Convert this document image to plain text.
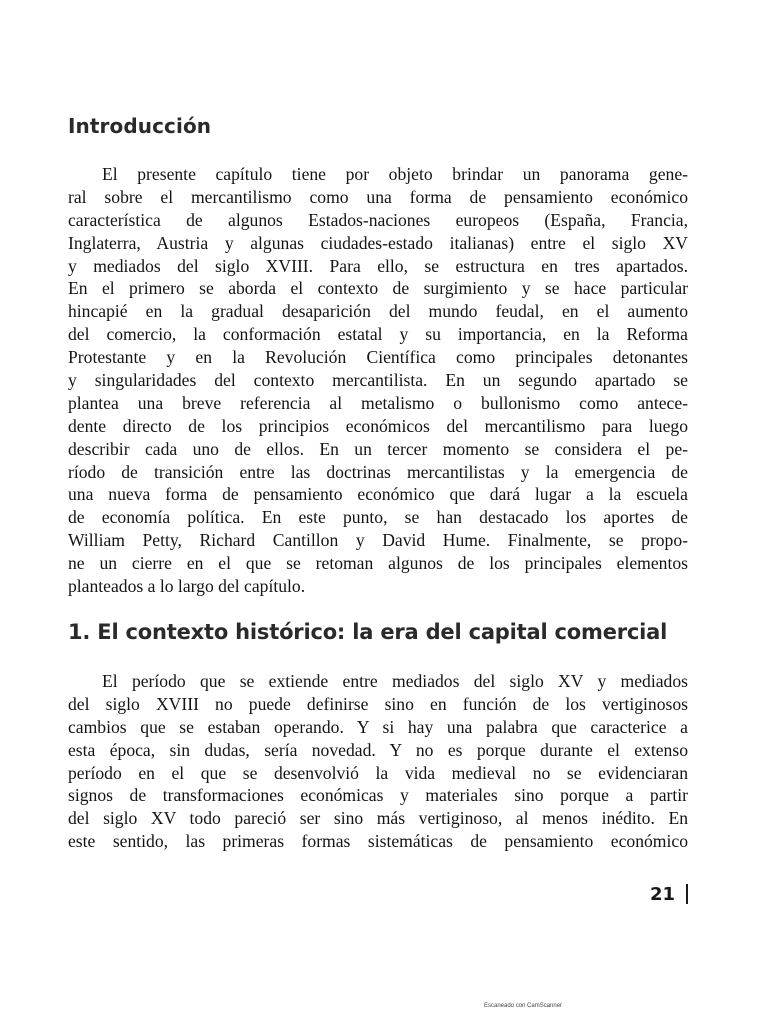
Introducción
El presente capítulo tiene por objeto brindar un panorama gene-
ral sobre el mercantilismo como una forma de pensamiento económico
característica de algunos Estados-naciones europeos (España, Francia,
Inglaterra, Austria y algunas ciudades-estado italianas) entre el siglo XV
y mediados del siglo XVIII. Para ello, se estructura en tres apartados.
En el primero se aborda el contexto de surgimiento y se hace particular
hincapié en la gradual desaparición del mundo feudal, en el aumento
del comercio, la conformación estatal y su importancia, en la Reforma
Protestante y en la Revolución Científica como principales detonantes
y singularidades del contexto mercantilista. En un segundo apartado se
plantea una breve referencia al metalismo o bullonismo como antece-
dente directo de los principios económicos del mercantilismo para luego
describir cada uno de ellos. En un tercer momento se considera el pe-
ríodo de transición entre las doctrinas mercantilistas y la emergencia de
una nueva forma de pensamiento económico que dará lugar a la escuela
de economía política. En este punto, se han destacado los aportes de
William Petty, Richard Cantillon y David Hume. Finalmente, se propo-
ne un cierre en el que se retoman algunos de los principales elementos
planteados a lo largo del capítulo.
1. El contexto histórico: la era del capital comercial
El período que se extiende entre mediados del siglo XV y mediados
del siglo XVIII no puede definirse sino en función de los vertiginosos
cambios que se estaban operando. Y si hay una palabra que caracterice a
esta época, sin dudas, sería novedad. Y no es porque durante el extenso
período en el que se desenvolvió la vida medieval no se evidenciaran
signos de transformaciones económicas y materiales sino porque a partir
del siglo XV todo pareció ser sino más vertiginoso, al menos inédito. En
este sentido, las primeras formas sistemáticas de pensamiento económico
21
Escaneado con CamScanner
